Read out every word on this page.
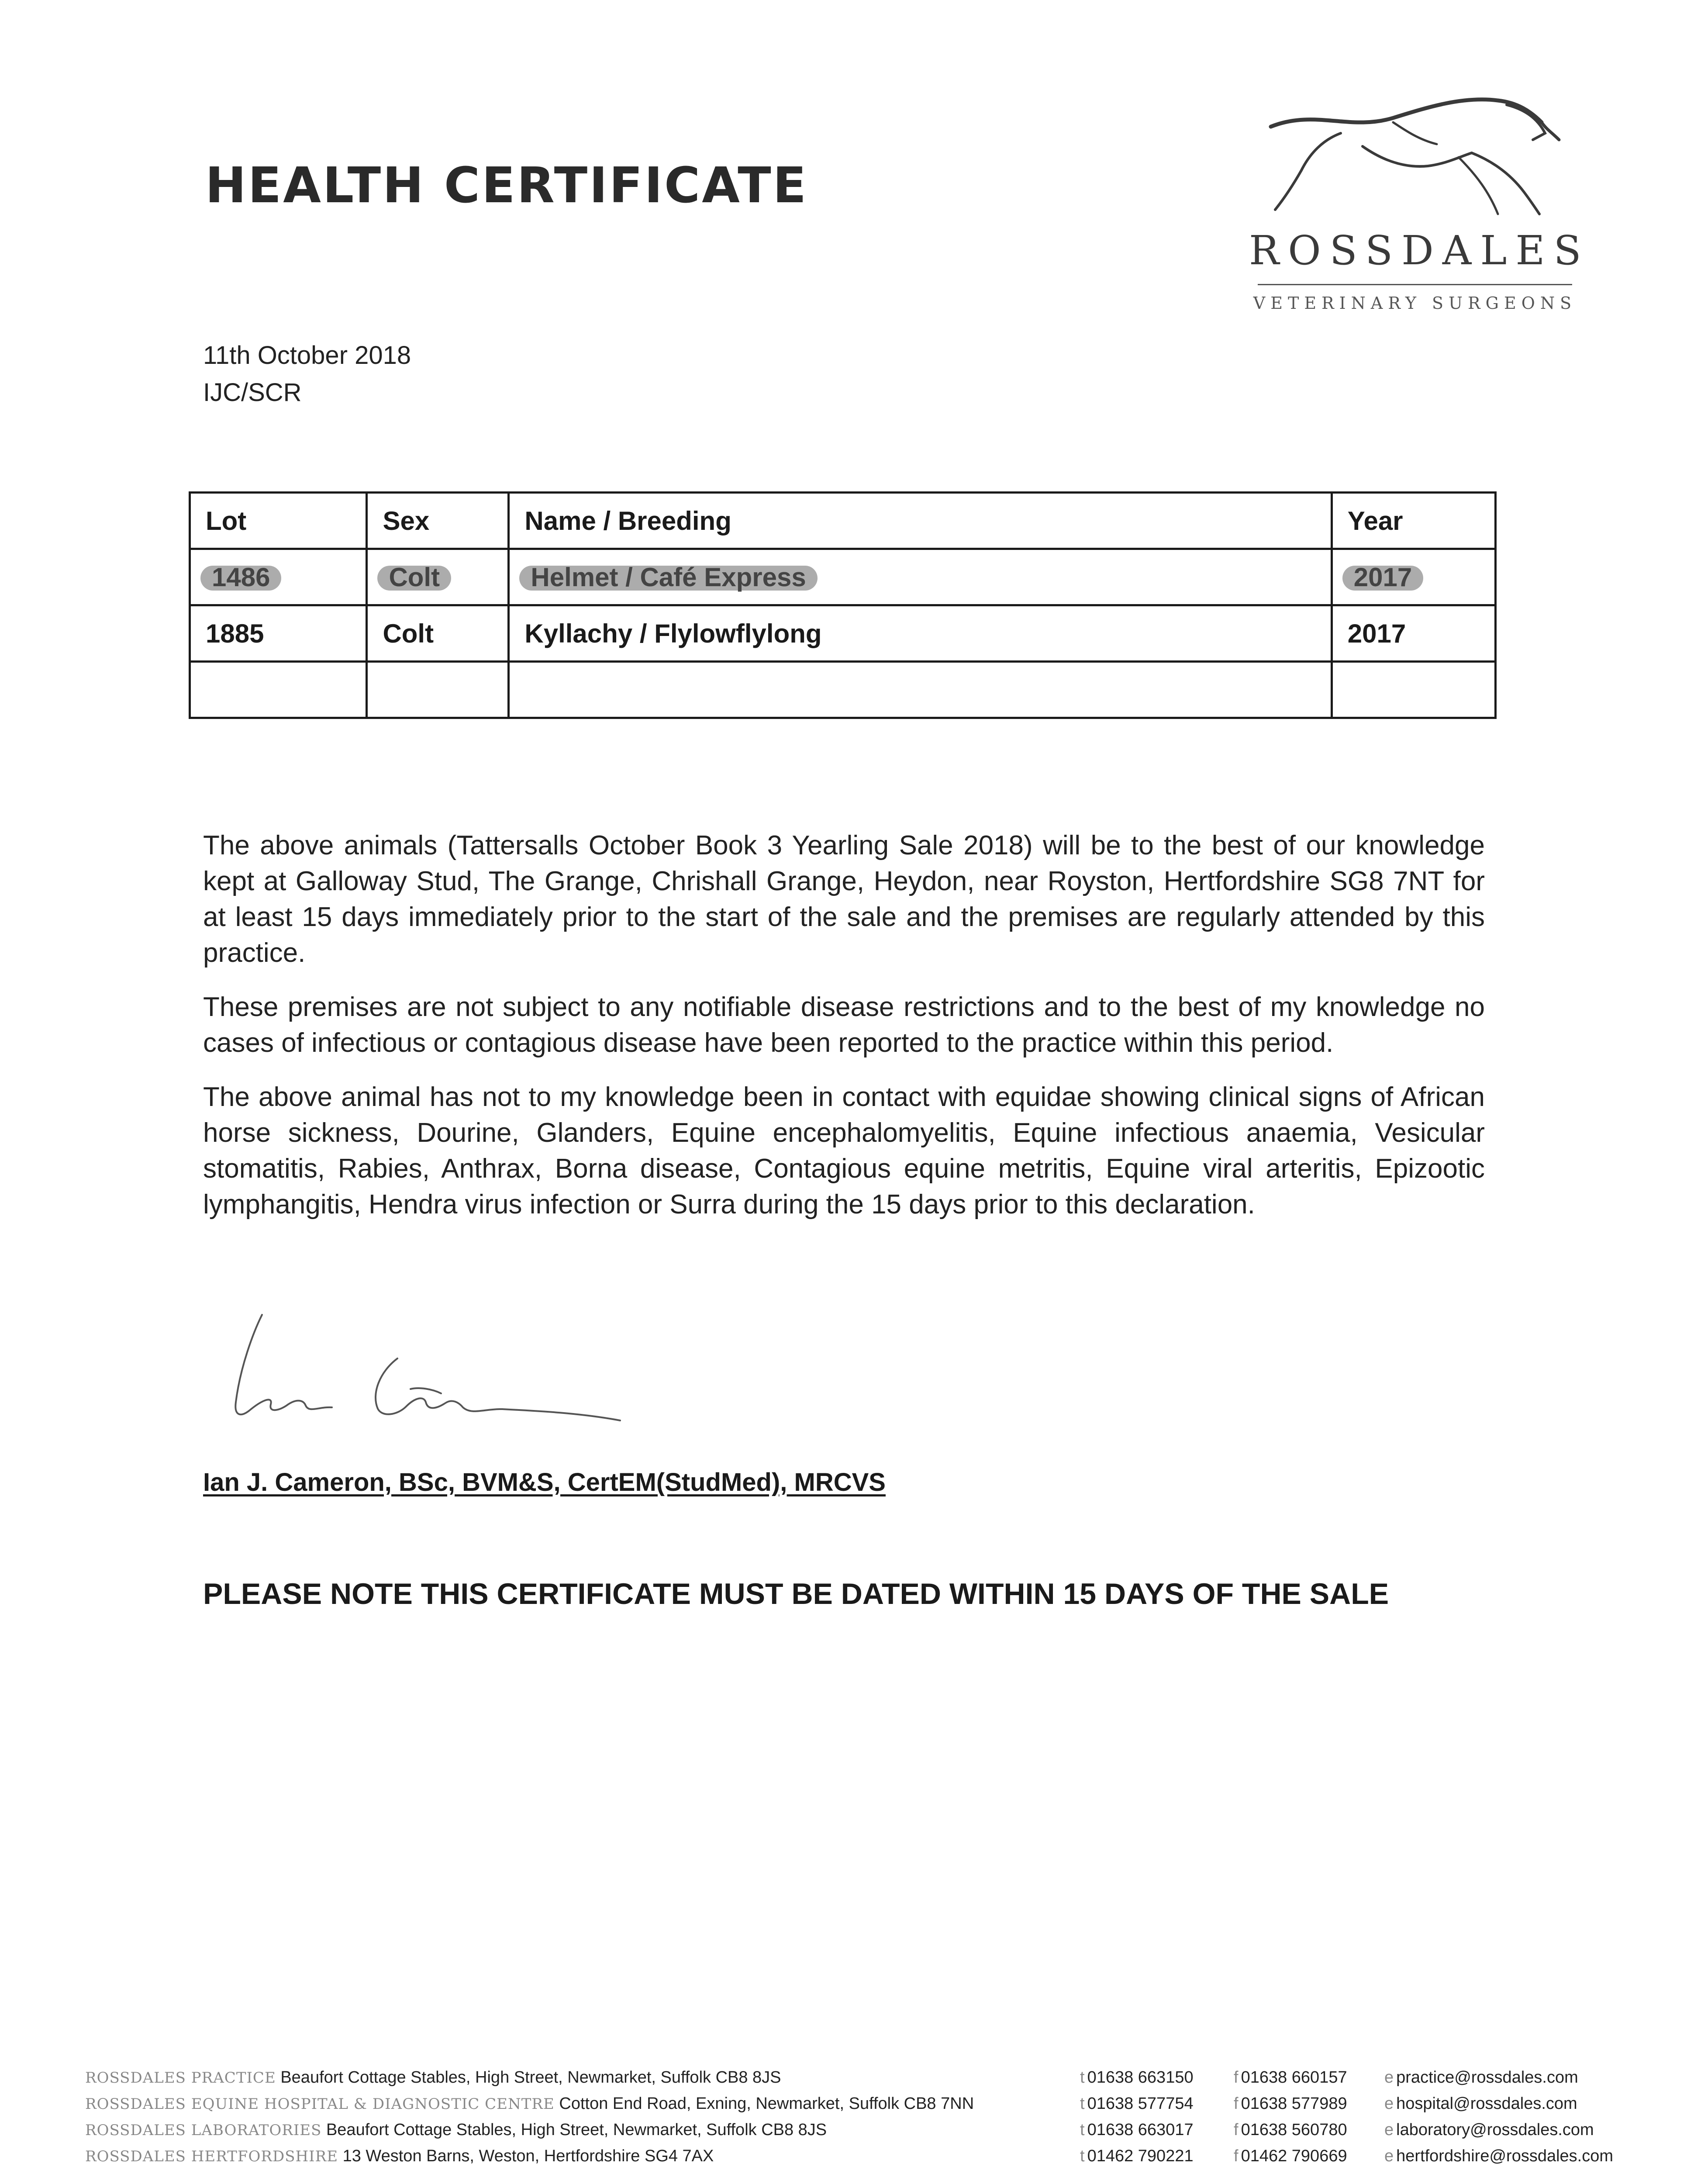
HEALTH CERTIFICATE
ROSSDALES
VETERINARY SURGEONS
11th October 2018
IJC/SCR
Lot	Sex	Name / Breeding	Year
1486	Colt	Helmet / Café Express	2017
1885	Colt	Kyllachy / Flylowflylong	2017

The above animals (Tattersalls October Book 3 Yearling Sale 2018) will be to the best of our knowledge kept at Galloway Stud, The Grange, Chrishall Grange, Heydon, near Royston, Hertfordshire SG8 7NT for at least 15 days immediately prior to the start of the sale and the premises are regularly attended by this practice.

These premises are not subject to any notifiable disease restrictions and to the best of my knowledge no cases of infectious or contagious disease have been reported to the practice within this period.

The above animal has not to my knowledge been in contact with equidae showing clinical signs of African horse sickness, Dourine, Glanders, Equine encephalomyelitis, Equine infectious anaemia, Vesicular stomatitis, Rabies, Anthrax, Borna disease, Contagious equine metritis, Equine viral arteritis, Epizootic lymphangitis, Hendra virus infection or Surra during the 15 days prior to this declaration.

Ian J. Cameron, BSc, BVM&S, CertEM(StudMed), MRCVS
PLEASE NOTE THIS CERTIFICATE MUST BE DATED WITHIN 15 DAYS OF THE SALE
ROSSDALES PRACTICE Beaufort Cottage Stables, High Street, Newmarket, Suffolk CB8 8JS	t 01638 663150 f 01638 660157 e practice@rossdales.com
ROSSDALES EQUINE HOSPITAL & DIAGNOSTIC CENTRE Cotton End Road, Exning, Newmarket, Suffolk CB8 7NN	t 01638 577754 f 01638 577989 e hospital@rossdales.com
ROSSDALES LABORATORIES Beaufort Cottage Stables, High Street, Newmarket, Suffolk CB8 8JS	t 01638 663017 f 01638 560780 e laboratory@rossdales.com
ROSSDALES HERTFORDSHIRE 13 Weston Barns, Weston, Hertfordshire SG4 7AX	t 01462 790221 f 01462 790669 e hertfordshire@rossdales.com
